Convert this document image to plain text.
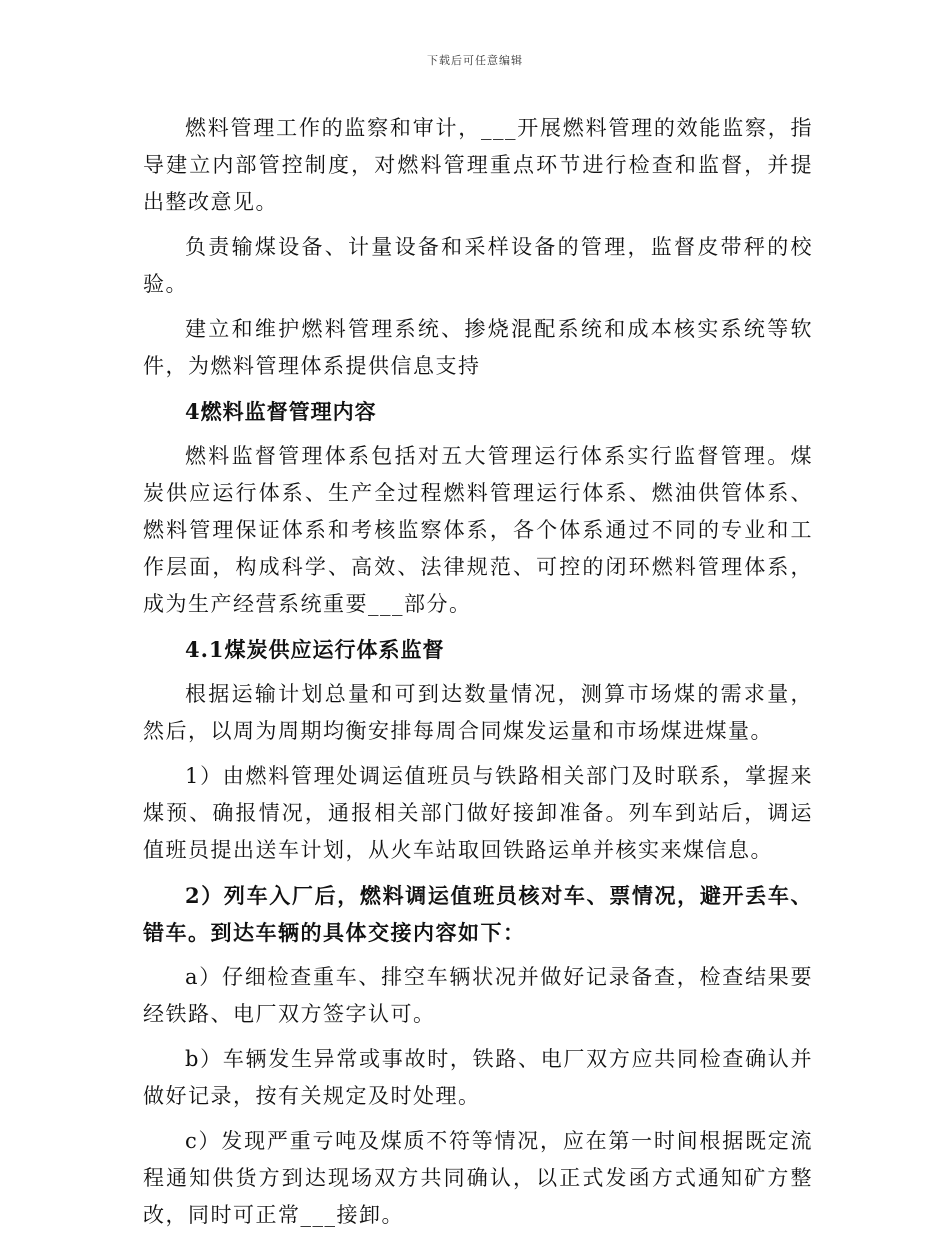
下载后可任意编辑

燃料管理工作的监察和审计，___开展燃料管理的效能监察，指导建立内部管控制度，对燃料管理重点环节进行检查和监督，并提出整改意见。

负责输煤设备、计量设备和采样设备的管理，监督皮带秤的校验。

建立和维护燃料管理系统、掺烧混配系统和成本核实系统等软件，为燃料管理体系提供信息支持

4燃料监督管理内容

燃料监督管理体系包括对五大管理运行体系实行监督管理。煤炭供应运行体系、生产全过程燃料管理运行体系、燃油供管体系、燃料管理保证体系和考核监察体系，各个体系通过不同的专业和工作层面，构成科学、高效、法律规范、可控的闭环燃料管理体系，成为生产经营系统重要___部分。

4.1煤炭供应运行体系监督

根据运输计划总量和可到达数量情况，测算市场煤的需求量，然后，以周为周期均衡安排每周合同煤发运量和市场煤进煤量。

1）由燃料管理处调运值班员与铁路相关部门及时联系，掌握来煤预、确报情况，通报相关部门做好接卸准备。列车到站后，调运值班员提出送车计划，从火车站取回铁路运单并核实来煤信息。

2）列车入厂后，燃料调运值班员核对车、票情况，避开丢车、错车。到达车辆的具体交接内容如下：

a）仔细检查重车、排空车辆状况并做好记录备查，检查结果要经铁路、电厂双方签字认可。

b）车辆发生异常或事故时，铁路、电厂双方应共同检查确认并做好记录，按有关规定及时处理。

c）发现严重亏吨及煤质不符等情况，应在第一时间根据既定流程通知供货方到达现场双方共同确认，以正式发函方式通知矿方整改，同时可正常___接卸。
